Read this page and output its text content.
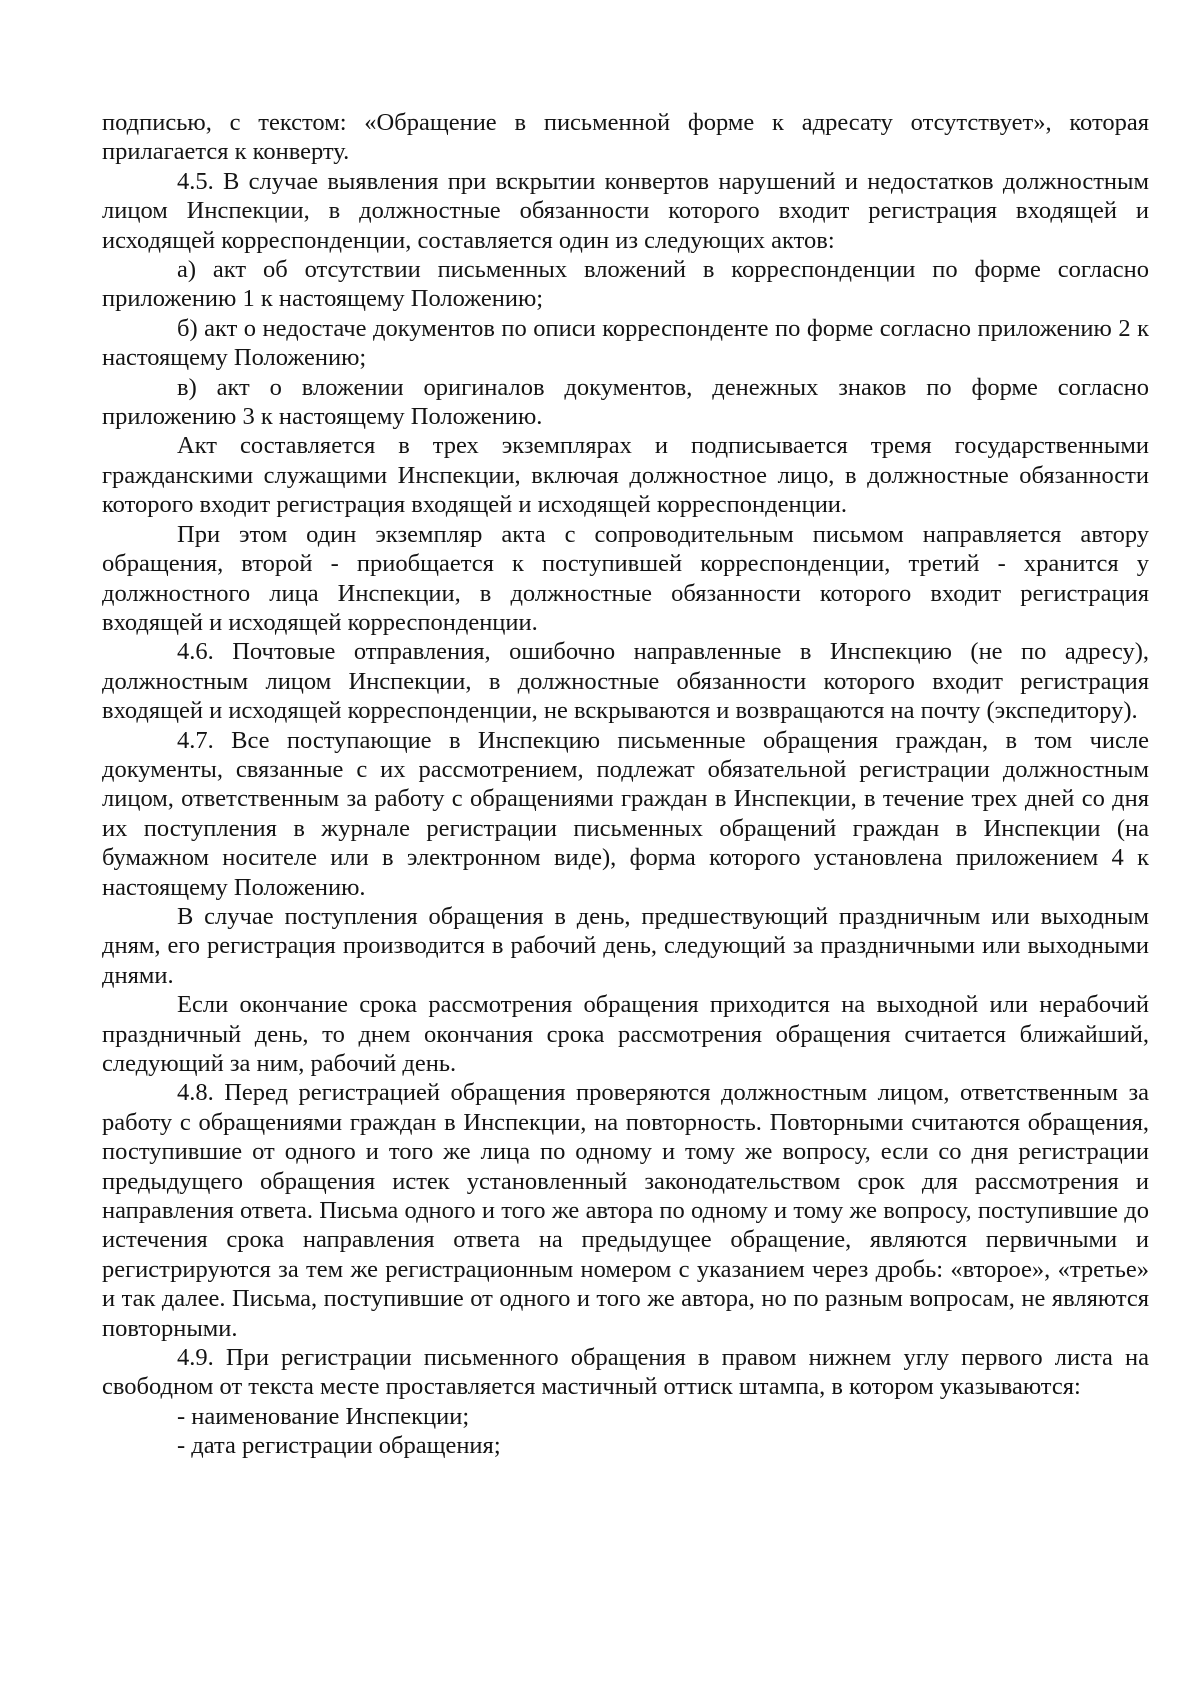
подписью, с текстом: «Обращение в письменной форме к адресату отсутствует», которая прилагается к конверту.

4.5. В случае выявления при вскрытии конвертов нарушений и недостатков должностным лицом Инспекции, в должностные обязанности которого входит регистрация входящей и исходящей корреспонденции, составляется один из следующих актов:

а) акт об отсутствии письменных вложений в корреспонденции по форме согласно приложению 1 к настоящему Положению;

б) акт о недостаче документов по описи корреспонденте по форме согласно приложению 2 к настоящему Положению;

в) акт о вложении оригиналов документов, денежных знаков по форме согласно приложению 3 к настоящему Положению.

Акт составляется в трех экземплярах и подписывается тремя государственными гражданскими служащими Инспекции, включая должностное лицо, в должностные обязанности которого входит регистрация входящей и исходящей корреспонденции.

При этом один экземпляр акта с сопроводительным письмом направляется автору обращения, второй - приобщается к поступившей корреспонденции, третий - хранится у должностного лица Инспекции, в должностные обязанности которого входит регистрация входящей и исходящей корреспонденции.

4.6. Почтовые отправления, ошибочно направленные в Инспекцию (не по адресу), должностным лицом Инспекции, в должностные обязанности которого входит регистрация входящей и исходящей корреспонденции, не вскрываются и возвращаются на почту (экспедитору).

4.7. Все поступающие в Инспекцию письменные обращения граждан, в том числе документы, связанные с их рассмотрением, подлежат обязательной регистрации должностным лицом, ответственным за работу с обращениями граждан в Инспекции, в течение трех дней со дня их поступления в журнале регистрации письменных обращений граждан в Инспекции (на бумажном носителе или в электронном виде), форма которого установлена приложением 4 к настоящему Положению.

В случае поступления обращения в день, предшествующий праздничным или выходным дням, его регистрация производится в рабочий день, следующий за праздничными или выходными днями.

Если окончание срока рассмотрения обращения приходится на выходной или нерабочий праздничный день, то днем окончания срока рассмотрения обращения считается ближайший, следующий за ним, рабочий день.

4.8. Перед регистрацией обращения проверяются должностным лицом, ответственным за работу с обращениями граждан в Инспекции, на повторность. Повторными считаются обращения, поступившие от одного и того же лица по одному и тому же вопросу, если со дня регистрации предыдущего обращения истек установленный законодательством срок для рассмотрения и направления ответа. Письма одного и того же автора по одному и тому же вопросу, поступившие до истечения срока направления ответа на предыдущее обращение, являются первичными и регистрируются за тем же регистрационным номером с указанием через дробь: «второе», «третье» и так далее. Письма, поступившие от одного и того же автора, но по разным вопросам, не являются повторными.

4.9. При регистрации письменного обращения в правом нижнем углу первого листа на свободном от текста месте проставляется мастичный оттиск штампа, в котором указываются:

- наименование Инспекции;

- дата регистрации обращения;
